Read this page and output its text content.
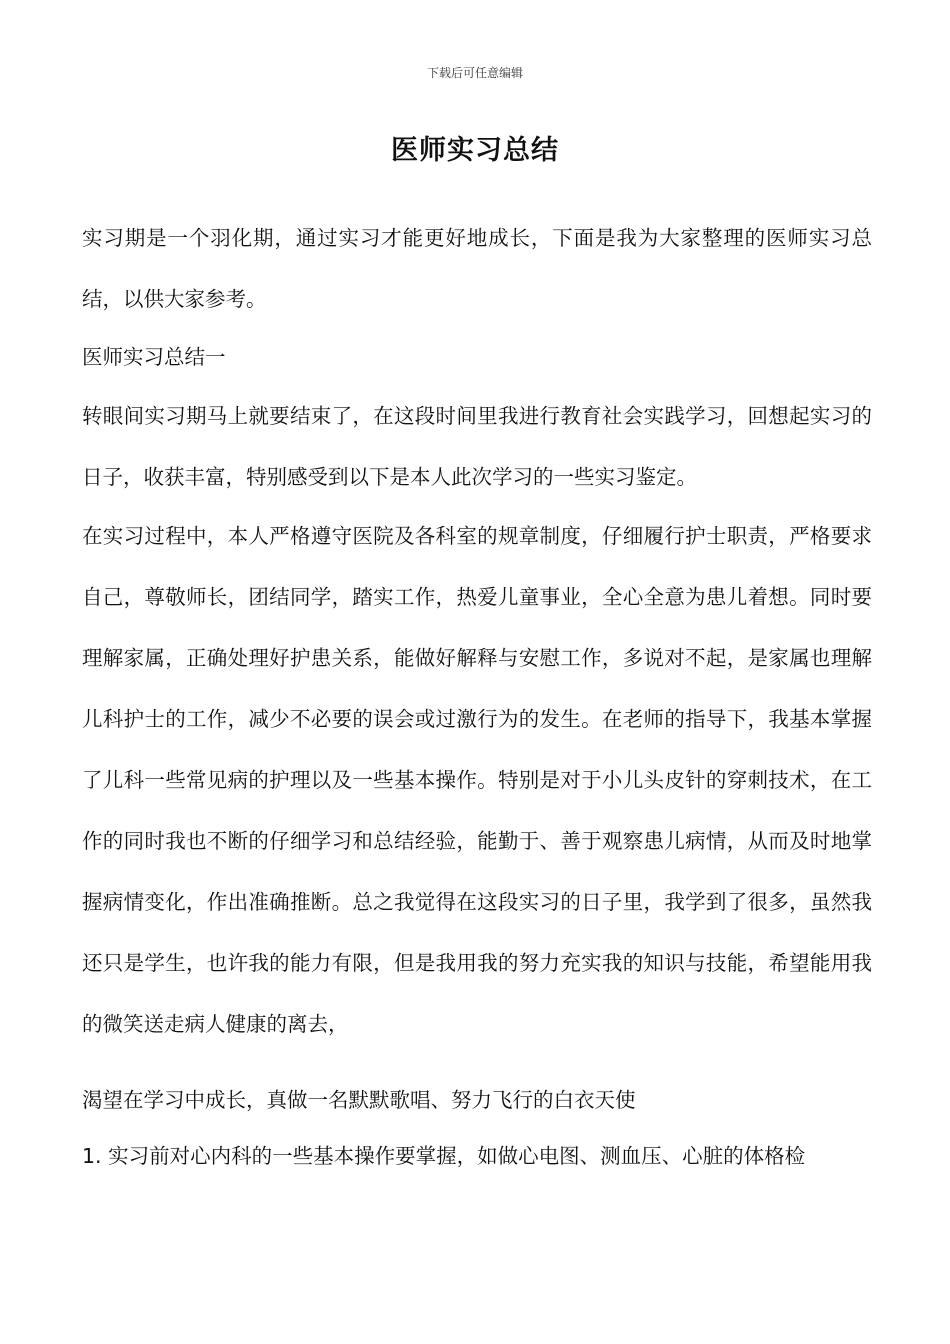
下载后可任意编辑
医师实习总结

实习期是一个羽化期，通过实习才能更好地成长，下面是我为大家整理的医师实习总结，以供大家参考。

医师实习总结一

转眼间实习期马上就要结束了，在这段时间里我进行教育社会实践学习，回想起实习的日子，收获丰富，特别感受到以下是本人此次学习的一些实习鉴定。

在实习过程中，本人严格遵守医院及各科室的规章制度，仔细履行护士职责，严格要求自己，尊敬师长，团结同学，踏实工作，热爱儿童事业，全心全意为患儿着想。同时要理解家属，正确处理好护患关系，能做好解释与安慰工作，多说对不起，是家属也理解儿科护士的工作，减少不必要的误会或过激行为的发生。在老师的指导下，我基本掌握了儿科一些常见病的护理以及一些基本操作。特别是对于小儿头皮针的穿刺技术，在工作的同时我也不断的仔细学习和总结经验，能勤于、善于观察患儿病情，从而及时地掌握病情变化，作出准确推断。总之我觉得在这段实习的日子里，我学到了很多，虽然我还只是学生，也许我的能力有限，但是我用我的努力充实我的知识与技能，希望能用我的微笑送走病人健康的离去，

渴望在学习中成长，真做一名默默歌唱、努力飞行的白衣天使

1. 实习前对心内科的一些基本操作要掌握，如做心电图、测血压、心脏的体格检
